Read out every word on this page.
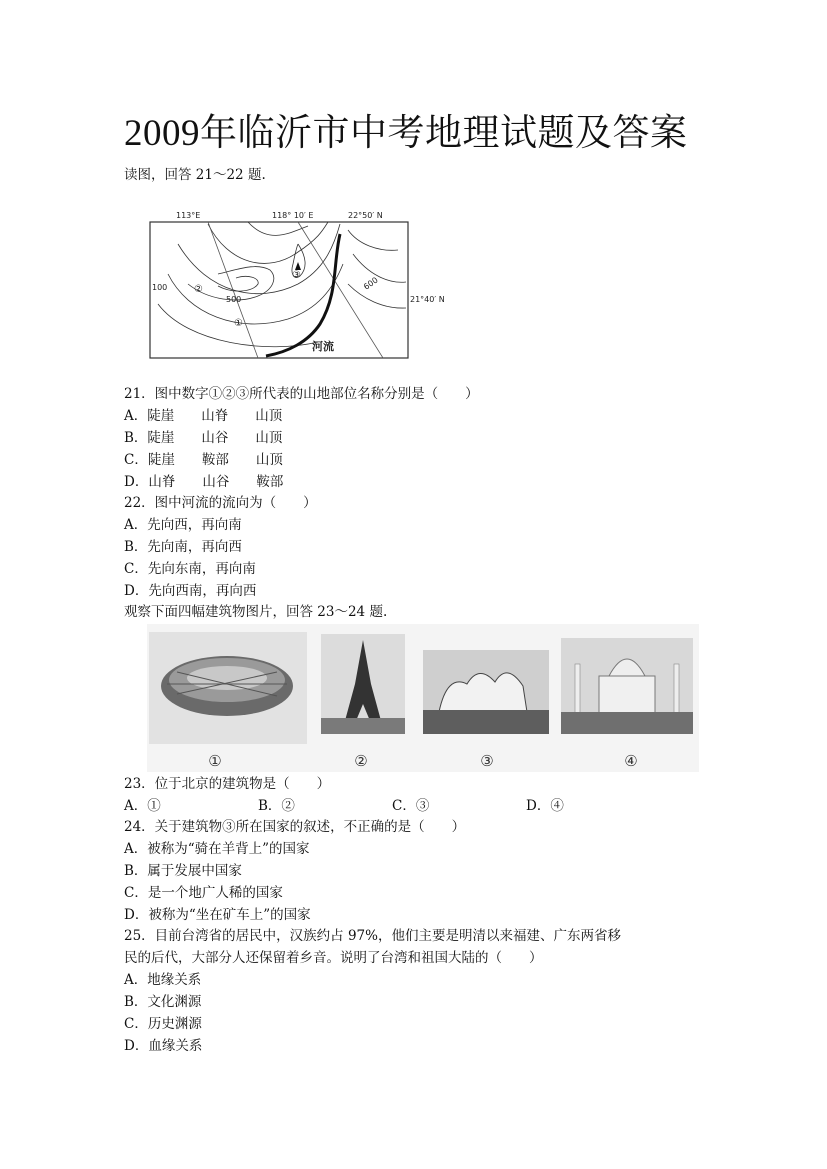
2009年临沂市中考地理试题及答案
读图，回答 21～22 题.
100
500
600
113°E	118° 10′ E	22°50′ N
21°40′ N
河流
①
②
③
21．图中数字①②③所代表的山地部位名称分别是（　　）
A．陡崖　　山脊　　山顶
B．陡崖　　山谷　　山顶
C．陡崖　　鞍部　　山顶
D．山脊　　山谷　　鞍部
22．图中河流的流向为（　　）
A．先向西，再向南
B．先向南，再向西
C．先向东南，再向南
D．先向西南，再向西
观察下面四幅建筑物图片，回答 23～24 题.
①	②	③	④
23．位于北京的建筑物是（　　）
A．①	B．②	C．③	D．④
24．关于建筑物③所在国家的叙述，不正确的是（　　）
A．被称为“骑在羊背上”的国家
B．属于发展中国家
C．是一个地广人稀的国家
D．被称为“坐在矿车上”的国家
25．目前台湾省的居民中，汉族约占 97%，他们主要是明清以来福建、广东两省移
民的后代，大部分人还保留着乡音。说明了台湾和祖国大陆的（　　）
A．地缘关系
B．文化渊源
C．历史渊源
D．血缘关系
